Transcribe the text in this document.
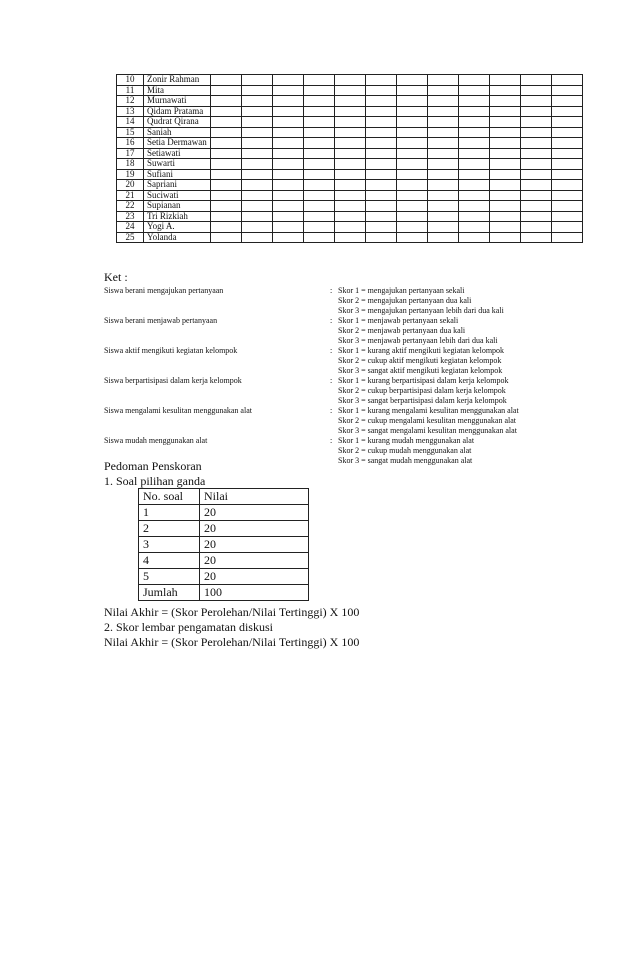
10	Zonir Rahman												
11	Mita												
12	Murnawati												
13	Qidam Pratama												
14	Qudrat Qirana												
15	Saniah												
16	Setia Dermawan												
17	Setiawati												
18	Suwarti												
19	Sufiani												
20	Sapriani												
21	Suciwati												
22	Supianan												
23	Tri Rizkiah												
24	Yogi A.												
25	Yolanda												
Ket :
Siswa berani mengajukan pertanyaan	: Skor 1 = mengajukan pertanyaan sekali
Skor 2 = mengajukan pertanyaan dua kali
Skor 3 = mengajukan pertanyaan lebih dari dua kali
Siswa berani menjawab pertanyaan	: Skor 1 = menjawab pertanyaan sekali
Skor 2 = menjawab pertanyaan dua kali
Skor 3 = menjawab pertanyaan lebih dari dua kali
Siswa aktif mengikuti kegiatan kelompok	: Skor 1 = kurang aktif mengikuti kegiatan kelompok
Skor 2 = cukup aktif mengikuti kegiatan kelompok
Skor 3 = sangat aktif mengikuti kegiatan kelompok
Siswa berpartisipasi dalam kerja kelompok	: Skor 1 = kurang berpartisipasi dalam kerja kelompok
Skor 2 = cukup berpartisipasi dalam kerja kelompok
Skor 3 = sangat berpartisipasi dalam kerja kelompok
Siswa mengalami kesulitan menggunakan alat	: Skor 1 = kurang mengalami kesulitan menggunakan alat
Skor 2 = cukup mengalami kesulitan menggunakan alat
Skor 3 = sangat mengalami kesulitan menggunakan alat
Siswa mudah menggunakan alat	: Skor 1 = kurang mudah menggunakan alat
Skor 2 = cukup mudah menggunakan alat
Skor 3 = sangat mudah menggunakan alat
Pedoman Penskoran
1. Soal pilihan ganda
No. soal	Nilai
1	20
2	20
3	20
4	20
5	20
Jumlah	100
Nilai Akhir = (Skor Perolehan/Nilai Tertinggi) X 100
2. Skor lembar pengamatan diskusi
Nilai Akhir = (Skor Perolehan/Nilai Tertinggi) X 100
